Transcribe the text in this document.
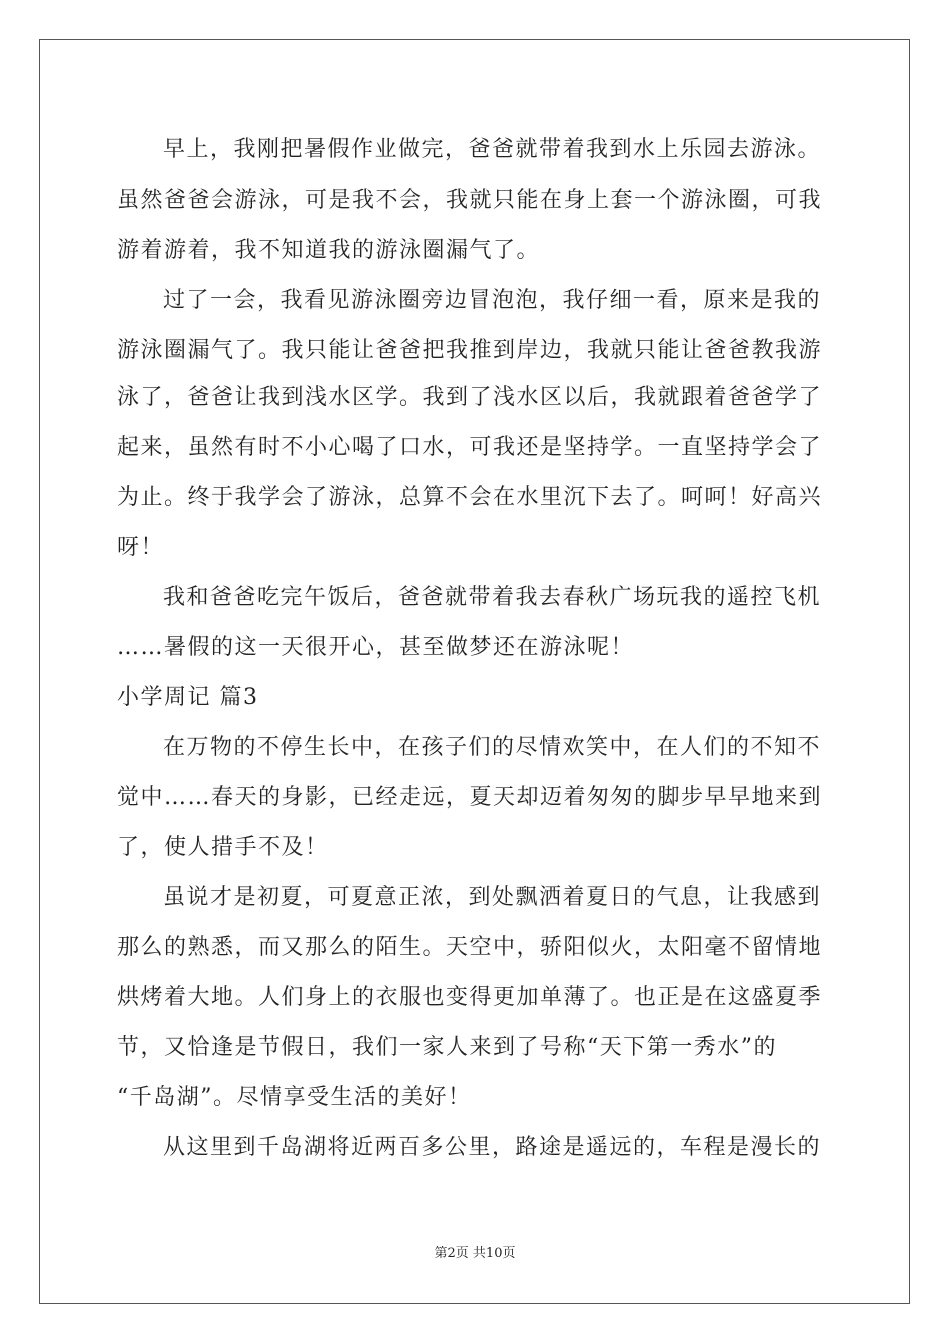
早上，我刚把暑假作业做完，爸爸就带着我到水上乐园去游泳。
虽然爸爸会游泳，可是我不会，我就只能在身上套一个游泳圈，可我
游着游着，我不知道我的游泳圈漏气了。
过了一会，我看见游泳圈旁边冒泡泡，我仔细一看，原来是我的
游泳圈漏气了。我只能让爸爸把我推到岸边，我就只能让爸爸教我游
泳了，爸爸让我到浅水区学。我到了浅水区以后，我就跟着爸爸学了
起来，虽然有时不小心喝了口水，可我还是坚持学。一直坚持学会了
为止。终于我学会了游泳，总算不会在水里沉下去了。呵呵！好高兴
呀！
我和爸爸吃完午饭后，爸爸就带着我去春秋广场玩我的遥控飞机
……暑假的这一天很开心，甚至做梦还在游泳呢！
小学周记 篇3
在万物的不停生长中，在孩子们的尽情欢笑中，在人们的不知不
觉中……春天的身影，已经走远，夏天却迈着匆匆的脚步早早地来到
了，使人措手不及！
虽说才是初夏，可夏意正浓，到处飘洒着夏日的气息，让我感到
那么的熟悉，而又那么的陌生。天空中，骄阳似火，太阳毫不留情地
烘烤着大地。人们身上的衣服也变得更加单薄了。也正是在这盛夏季
节，又恰逢是节假日，我们一家人来到了号称“天下第一秀水”的
“千岛湖”。尽情享受生活的美好！
从这里到千岛湖将近两百多公里，路途是遥远的，车程是漫长的
第2页 共10页
